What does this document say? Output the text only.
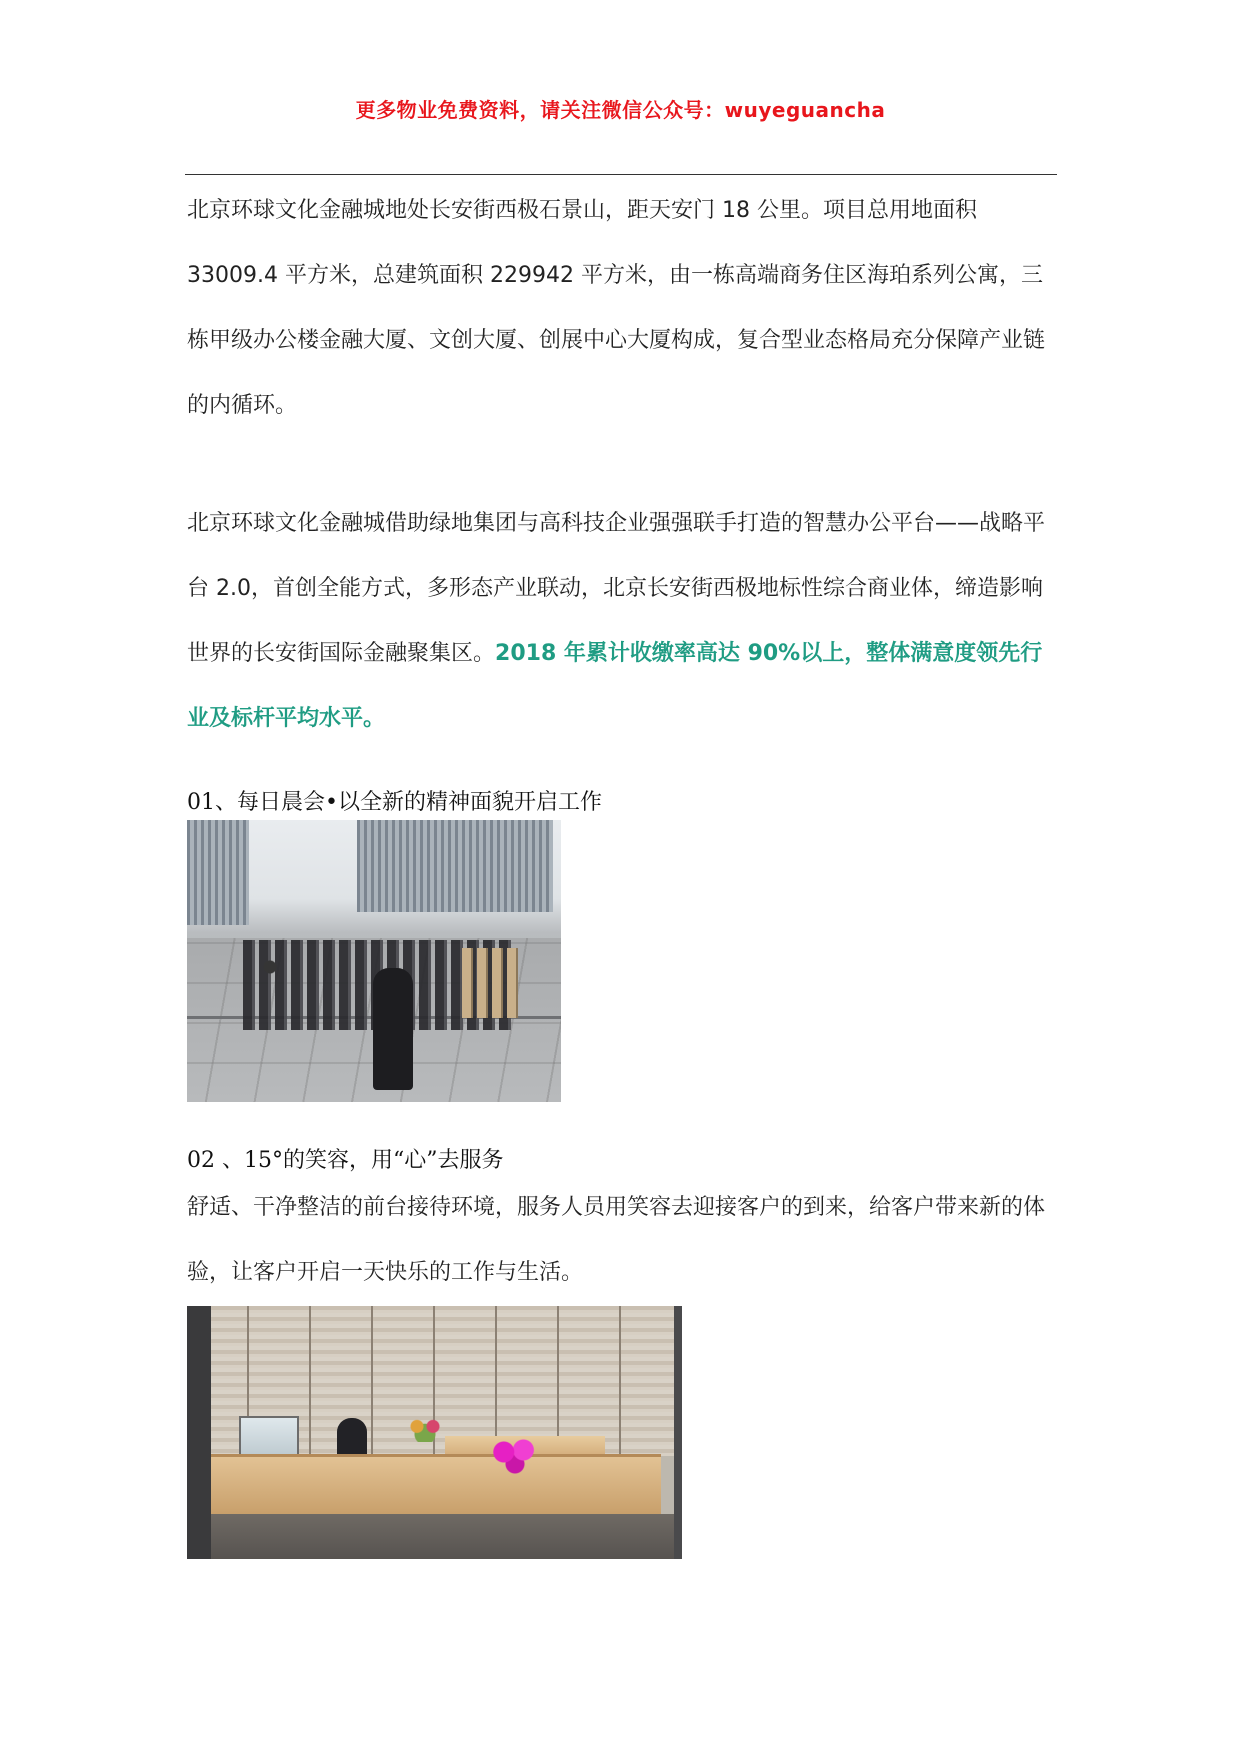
更多物业免费资料，请关注微信公众号：wuyeguancha

北京环球文化金融城地处长安街西极石景山，距天安门 18 公里。项目总用地面积 33009.4 平方米，总建筑面积 229942 平方米，由一栋高端商务住区海珀系列公寓，三栋甲级办公楼金融大厦、文创大厦、创展中心大厦构成，复合型业态格局充分保障产业链的内循环。

北京环球文化金融城借助绿地集团与高科技企业强强联手打造的智慧办公平台——战略平台 2.0，首创全能方式，多形态产业联动，北京长安街西极地标性综合商业体，缔造影响世界的长安街国际金融聚集区。2018 年累计收缴率高达 90%以上，整体满意度领先行业及标杆平均水平。

01、每日晨会•以全新的精神面貌开启工作

02 、15°的笑容，用“心”去服务

舒适、干净整洁的前台接待环境，服务人员用笑容去迎接客户的到来，给客户带来新的体验，让客户开启一天快乐的工作与生活。
